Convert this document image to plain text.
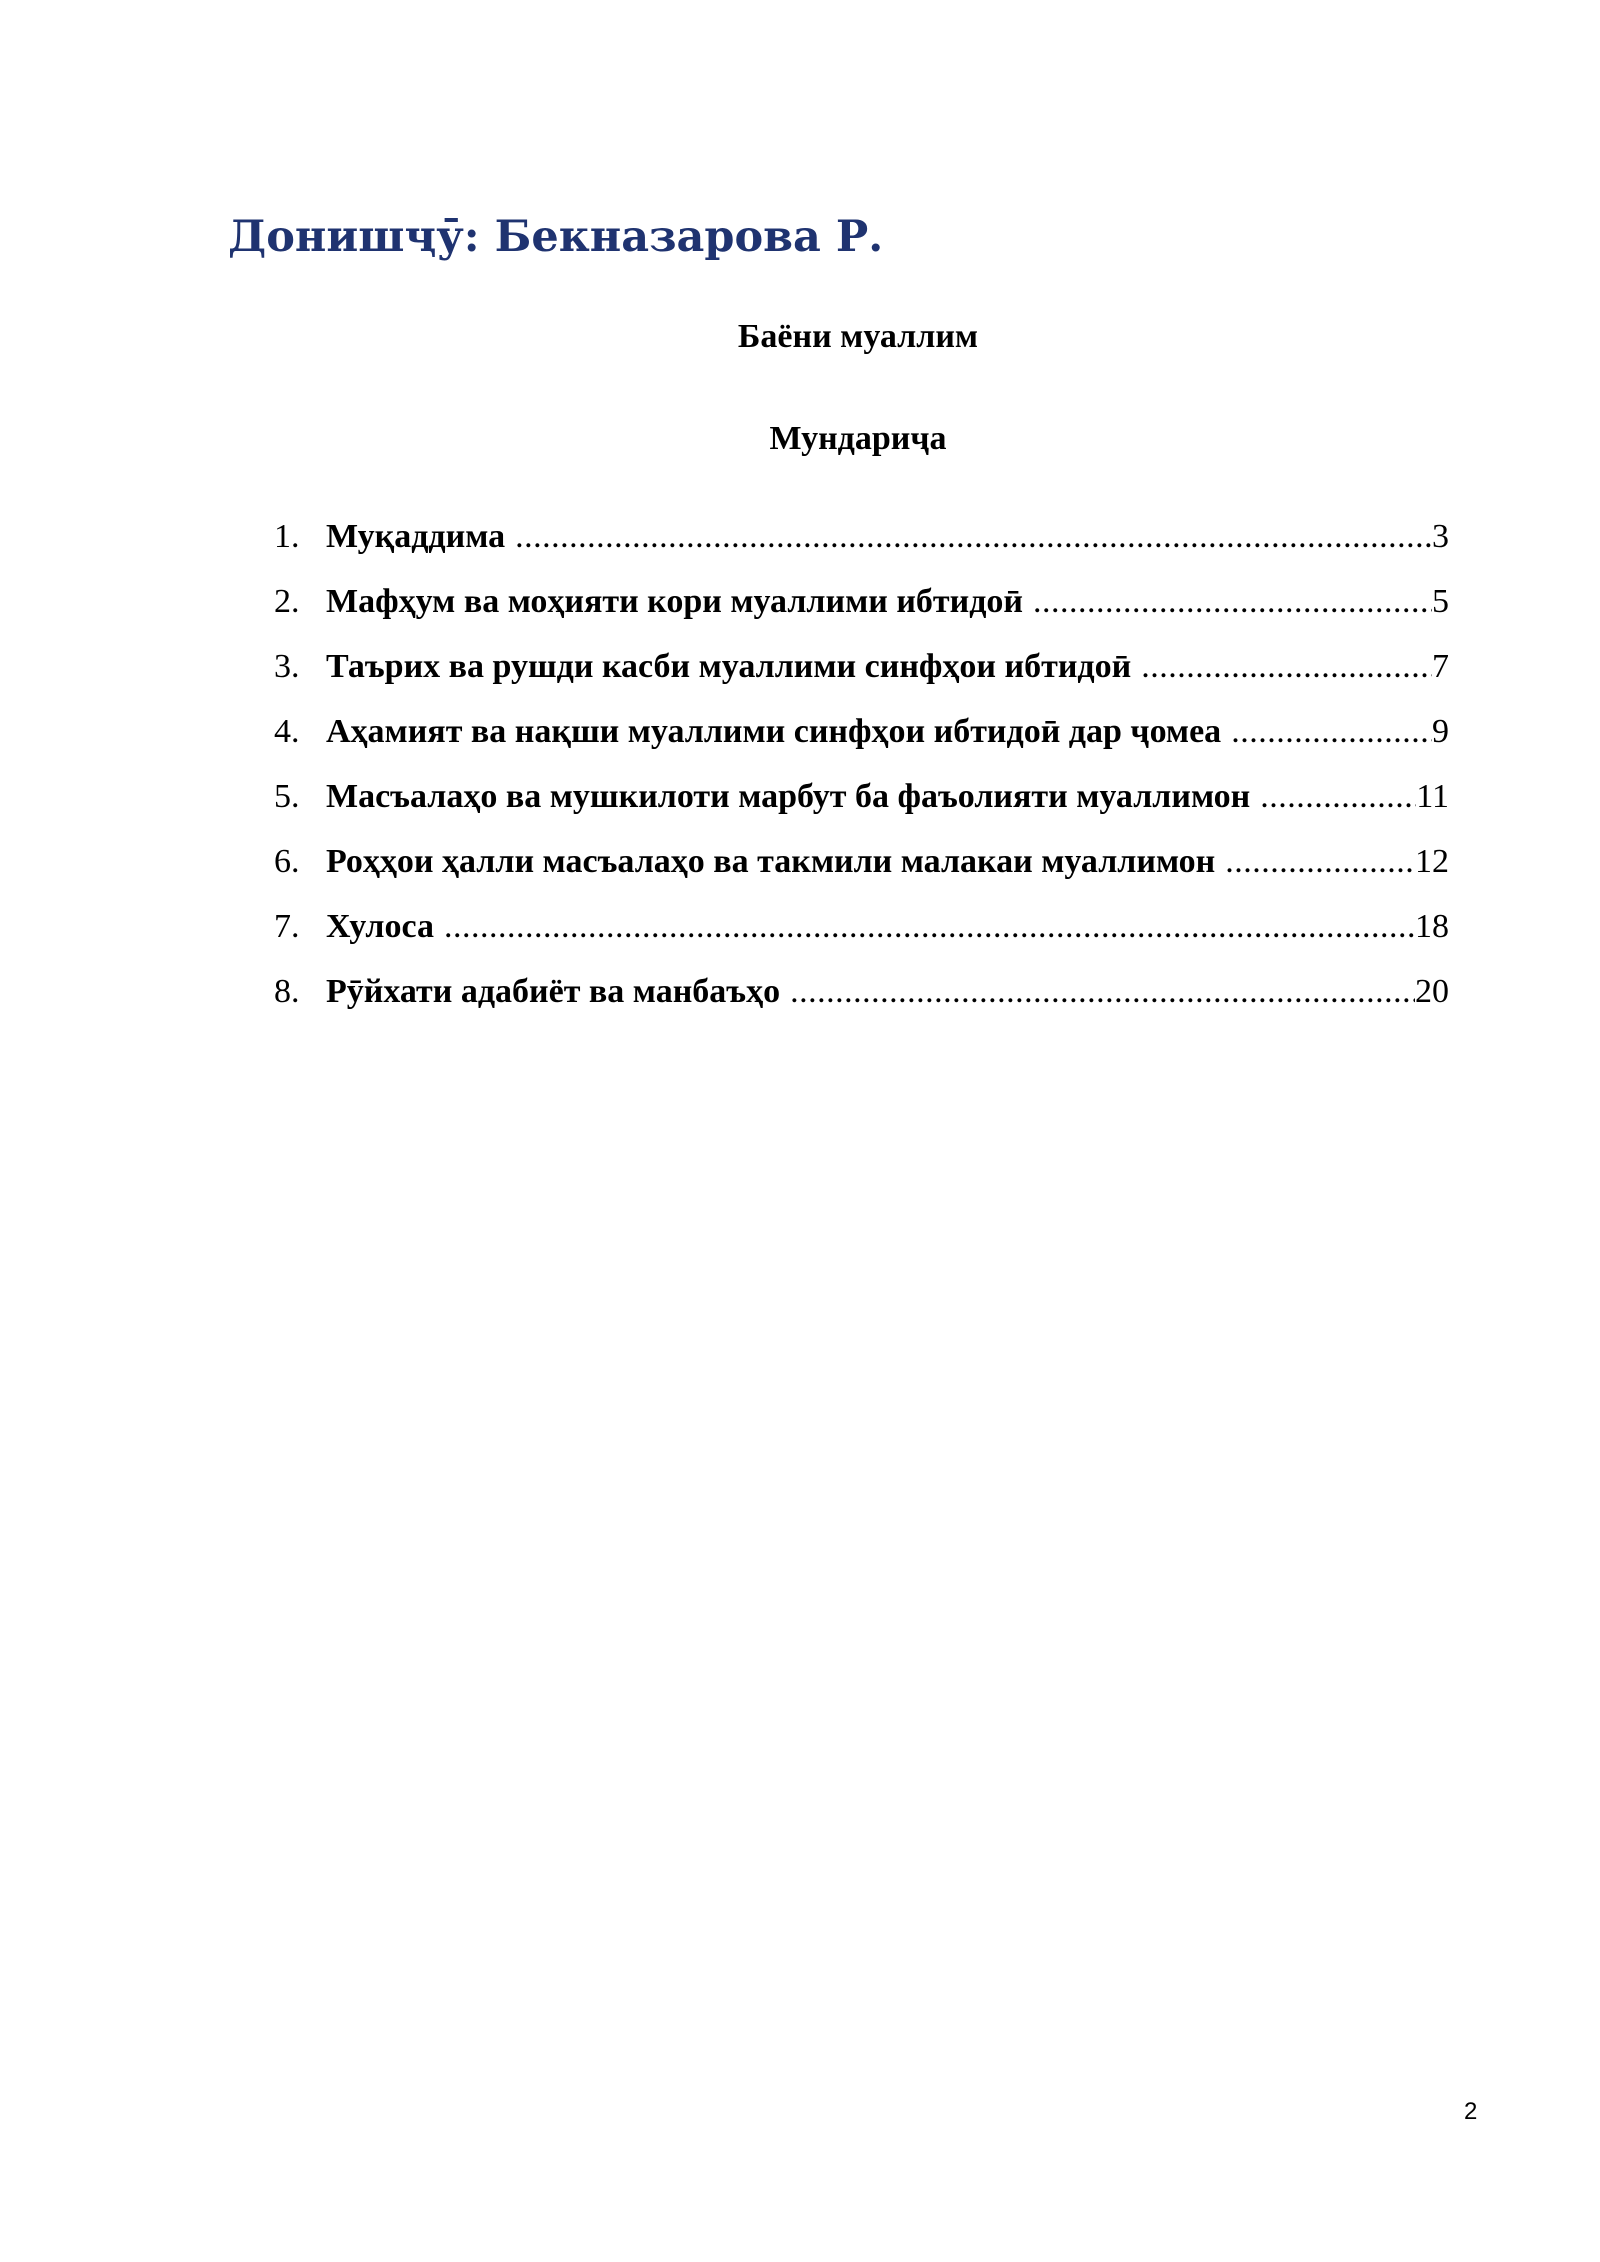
Донишҷӯ: Бекназарова Р.
Баёни муаллим
Мундариҷа
1. Муқаддима .....	3
2. Мафҳум ва моҳияти кори муаллими ибтидоӣ .....	5
3. Таърих ва рушди касби муаллими синфҳои ибтидоӣ .....	7
4. Аҳамият ва нақши муаллими синфҳои ибтидоӣ дар ҷомеа .....	9
5. Масъалаҳо ва мушкилоти марбут ба фаъолияти муаллимон .....	11
6. Роҳҳои ҳалли масъалаҳо ва такмили малакаи муаллимон .....	12
7. Хулоса .....	18
8. Рӯйхати адабиёт ва манбаъҳо .....	20
2
